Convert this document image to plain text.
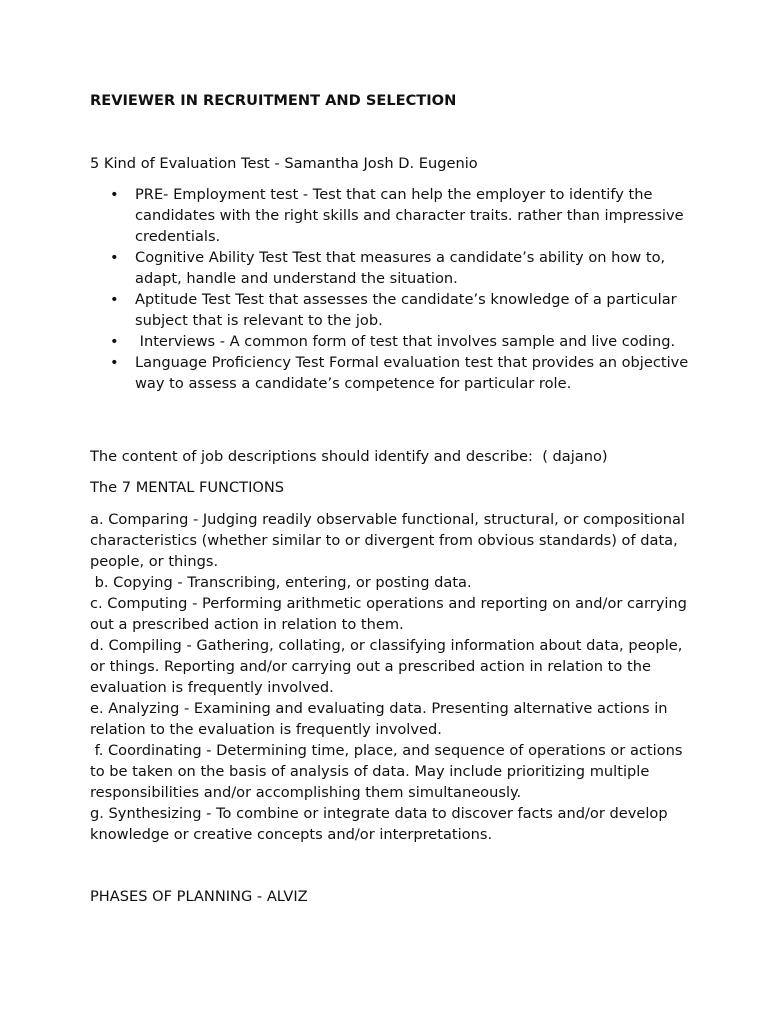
REVIEWER IN RECRUITMENT AND SELECTION

5 Kind of Evaluation Test - Samantha Josh D. Eugenio

• PRE- Employment test - Test that can help the employer to identify the candidates with the right skills and character traits. rather than impressive credentials.
• Cognitive Ability Test Test that measures a candidate’s ability on how to, adapt, handle and understand the situation.
• Aptitude Test Test that assesses the candidate’s knowledge of a particular subject that is relevant to the job.
• Interviews - A common form of test that involves sample and live coding.
• Language Proficiency Test Formal evaluation test that provides an objective way to assess a candidate’s competence for particular role.

The content of job descriptions should identify and describe:  ( dajano)

The 7 MENTAL FUNCTIONS

a. Comparing - Judging readily observable functional, structural, or compositional characteristics (whether similar to or divergent from obvious standards) of data, people, or things.

b. Copying - Transcribing, entering, or posting data.

c. Computing - Performing arithmetic operations and reporting on and/or carrying out a prescribed action in relation to them.

d. Compiling - Gathering, collating, or classifying information about data, people, or things. Reporting and/or carrying out a prescribed action in relation to the evaluation is frequently involved.

e. Analyzing - Examining and evaluating data. Presenting alternative actions in relation to the evaluation is frequently involved.

f. Coordinating - Determining time, place, and sequence of operations or actions to be taken on the basis of analysis of data. May include prioritizing multiple responsibilities and/or accomplishing them simultaneously.

g. Synthesizing - To combine or integrate data to discover facts and/or develop knowledge or creative concepts and/or interpretations.

PHASES OF PLANNING - ALVIZ
